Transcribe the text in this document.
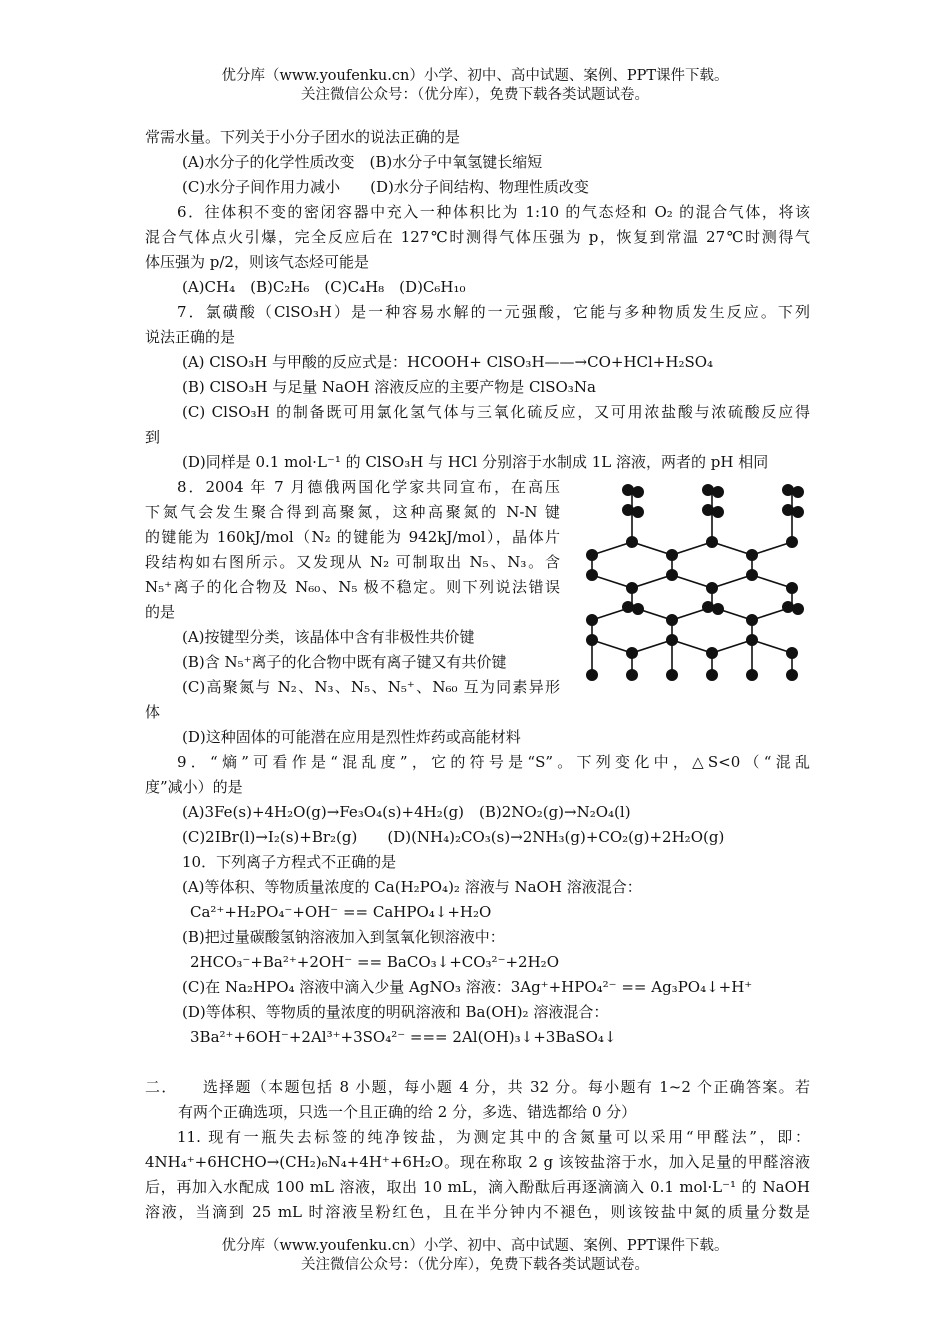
优分库（www.youfenku.cn）小学、初中、高中试题、案例、PPT课件下载。
关注微信公众号：（优分库），免费下载各类试题试卷。
常需水量。下列关于小分子团水的说法正确的是
(A)水分子的化学性质改变　(B)水分子中氧氢键长缩短
(C)水分子间作用力减小　　(D)水分子间结构、物理性质改变
6．往体积不变的密闭容器中充入一种体积比为 1:10 的气态烃和 O₂ 的混合气体，将该
混合气体点火引爆，完全反应后在 127℃时测得气体压强为 p，恢复到常温 27℃时测得气
体压强为 p/2，则该气态烃可能是
(A)CH₄　(B)C₂H₆　(C)C₄H₈　(D)C₆H₁₀
7．氯磺酸（ClSO₃H）是一种容易水解的一元强酸，它能与多种物质发生反应。下列
说法正确的是
(A) ClSO₃H 与甲酸的反应式是：HCOOH+ ClSO₃H——→CO+HCl+H₂SO₄
(B) ClSO₃H 与足量 NaOH 溶液反应的主要产物是 ClSO₃Na
(C) ClSO₃H 的制备既可用氯化氢气体与三氧化硫反应，又可用浓盐酸与浓硫酸反应得
到
(D)同样是 0.1 mol·L⁻¹ 的 ClSO₃H 与 HCl 分别溶于水制成 1L 溶液，两者的 pH 相同
8．2004 年 7 月德俄两国化学家共同宣布，在高压
下氮气会发生聚合得到高聚氮，这种高聚氮的 N-N 键
的键能为 160kJ/mol（N₂ 的键能为 942kJ/mol），晶体片
段结构如右图所示。又发现从 N₂ 可制取出 N₅、N₃。含
N₅⁺离子的化合物及 N₆₀、N₅ 极不稳定。则下列说法错误
的是
(A)按键型分类，该晶体中含有非极性共价键
(B)含 N₅⁺离子的化合物中既有离子键又有共价键
(C)高聚氮与 N₂、N₃、N₅、N₅⁺、N₆₀ 互为同素异形
体
(D)这种固体的可能潜在应用是烈性炸药或高能材料
9．“熵”可看作是“混乱度”，它的符号是“S”。下列变化中，△S<0（“混乱
度”减小）的是
(A)3Fe(s)+4H₂O(g)→Fe₃O₄(s)+4H₂(g)　(B)2NO₂(g)→N₂O₄(l)
(C)2IBr(l)→I₂(s)+Br₂(g)　　(D)(NH₄)₂CO₃(s)→2NH₃(g)+CO₂(g)+2H₂O(g)
10．下列离子方程式不正确的是
(A)等体积、等物质量浓度的 Ca(H₂PO₄)₂ 溶液与 NaOH 溶液混合：
Ca²⁺+H₂PO₄⁻+OH⁻ == CaHPO₄↓+H₂O
(B)把过量碳酸氢钠溶液加入到氢氧化钡溶液中：
2HCO₃⁻+Ba²⁺+2OH⁻ == BaCO₃↓+CO₃²⁻+2H₂O
(C)在 Na₂HPO₄ 溶液中滴入少量 AgNO₃ 溶液：3Ag⁺+HPO₄²⁻ == Ag₃PO₄↓+H⁺
(D)等体积、等物质的量浓度的明矾溶液和 Ba(OH)₂ 溶液混合：
3Ba²⁺+6OH⁻+2Al³⁺+3SO₄²⁻ === 2Al(OH)₃↓+3BaSO₄↓
二．　　选择题（本题包括 8 小题，每小题 4 分，共 32 分。每小题有 1~2 个正确答案。若
有两个正确选项，只选一个且正确的给 2 分，多选、错选都给 0 分）
11. 现有一瓶失去标签的纯净铵盐，为测定其中的含氮量可以采用“甲醛法”，即：
4NH₄⁺+6HCHO→(CH₂)₆N₄+4H⁺+6H₂O。现在称取 2 g 该铵盐溶于水，加入足量的甲醛溶液
后，再加入水配成 100 mL 溶液，取出 10 mL，滴入酚酞后再逐滴滴入 0.1 mol·L⁻¹ 的 NaOH
溶液，当滴到 25 mL 时溶液呈粉红色，且在半分钟内不褪色，则该铵盐中氮的质量分数是
优分库（www.youfenku.cn）小学、初中、高中试题、案例、PPT课件下载。
关注微信公众号：（优分库），免费下载各类试题试卷。
